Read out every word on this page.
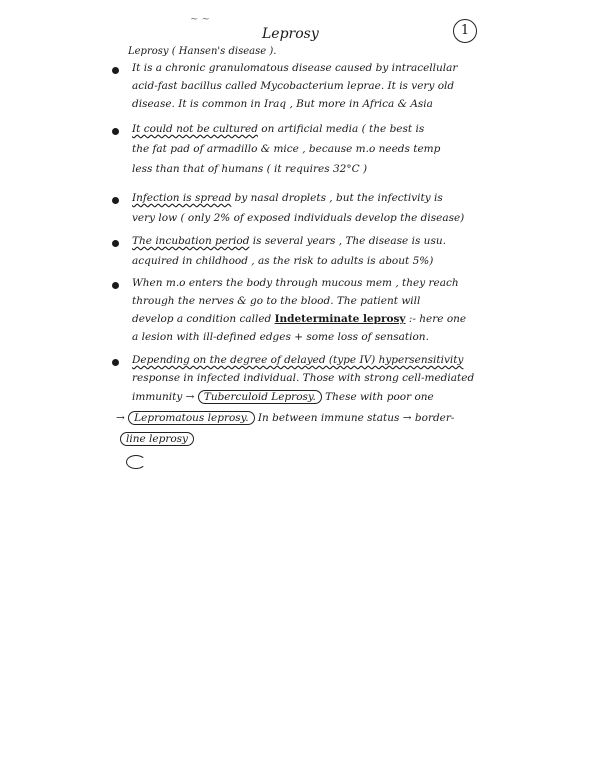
~ ~
Leprosy	1
Leprosy ( Hansen's disease ).
It is a chronic granulomatous disease caused by intracellular
acid-fast bacillus called Mycobacterium leprae. It is very old
disease. It is common in Iraq , But more in Africa & Asia
It could not be cultured on artificial media ( the best is
the fat pad of armadillo & mice , because m.o needs temp
less than that of humans ( it requires 32°C )
Infection is spread by nasal droplets , but the infectivity is
very low ( only 2% of exposed individuals develop the disease)
The incubation period is several years , The disease is usu.
acquired in childhood , as the risk to adults is about 5%)
When m.o enters the body through mucous mem , they reach
through the nerves & go to the blood. The patient will
develop a condition called Indeterminate leprosy :- here one
a lesion with ill-defined edges + some loss of sensation.
Depending on the degree of delayed (type IV) hypersensitivity
response in infected individual. Those with strong cell-mediated
immunity → Tuberculoid Leprosy. These with poor one
→ Lepromatous leprosy. In between immune status → border-
line leprosy
